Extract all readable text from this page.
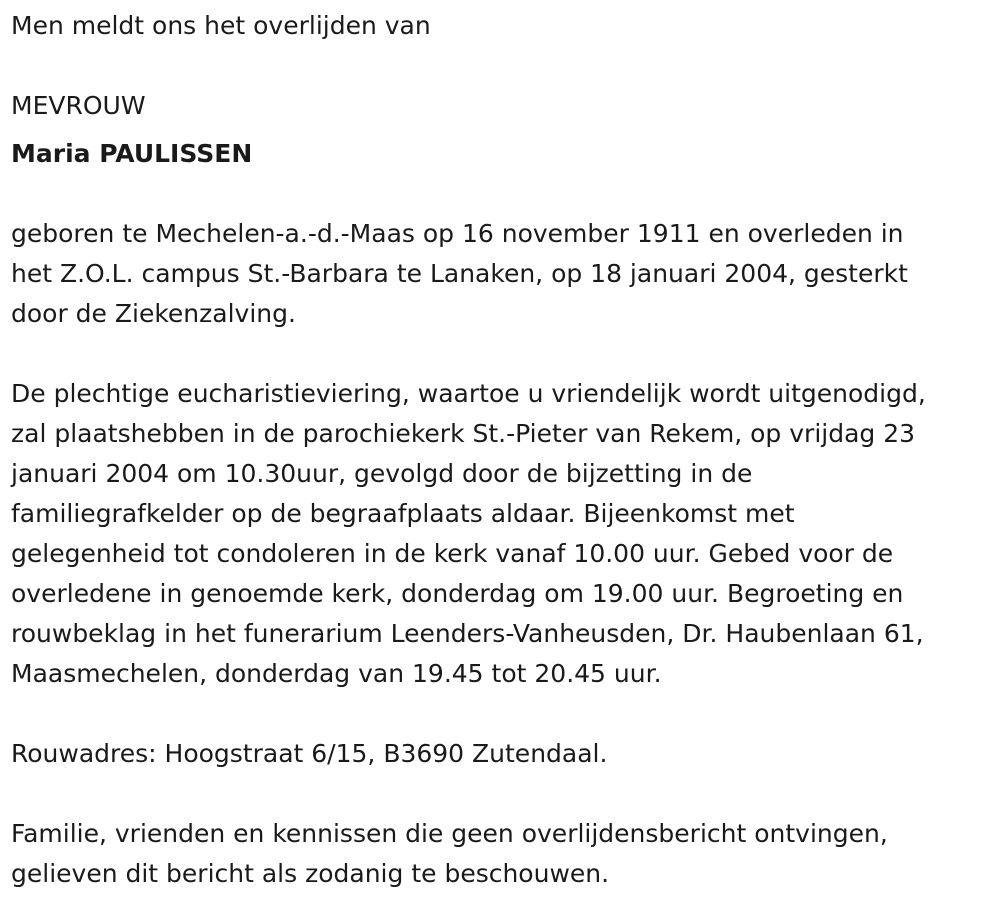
Men meldt ons het overlijden van

MEVROUW

Maria PAULISSEN

geboren te Mechelen-a.-d.-Maas op 16 november 1911 en overleden in

het Z.O.L. campus St.-Barbara te Lanaken, op 18 januari 2004, gesterkt

door de Ziekenzalving.

De plechtige eucharistieviering, waartoe u vriendelijk wordt uitgenodigd,

zal plaatshebben in de parochiekerk St.-Pieter van Rekem, op vrijdag 23

januari 2004 om 10.30uur, gevolgd door de bijzetting in de

familiegrafkelder op de begraafplaats aldaar. Bijeenkomst met

gelegenheid tot condoleren in de kerk vanaf 10.00 uur. Gebed voor de

overledene in genoemde kerk, donderdag om 19.00 uur. Begroeting en

rouwbeklag in het funerarium Leenders-Vanheusden, Dr. Haubenlaan 61,

Maasmechelen, donderdag van 19.45 tot 20.45 uur.

Rouwadres: Hoogstraat 6/15, B3690 Zutendaal.

Familie, vrienden en kennissen die geen overlijdensbericht ontvingen,

gelieven dit bericht als zodanig te beschouwen.
